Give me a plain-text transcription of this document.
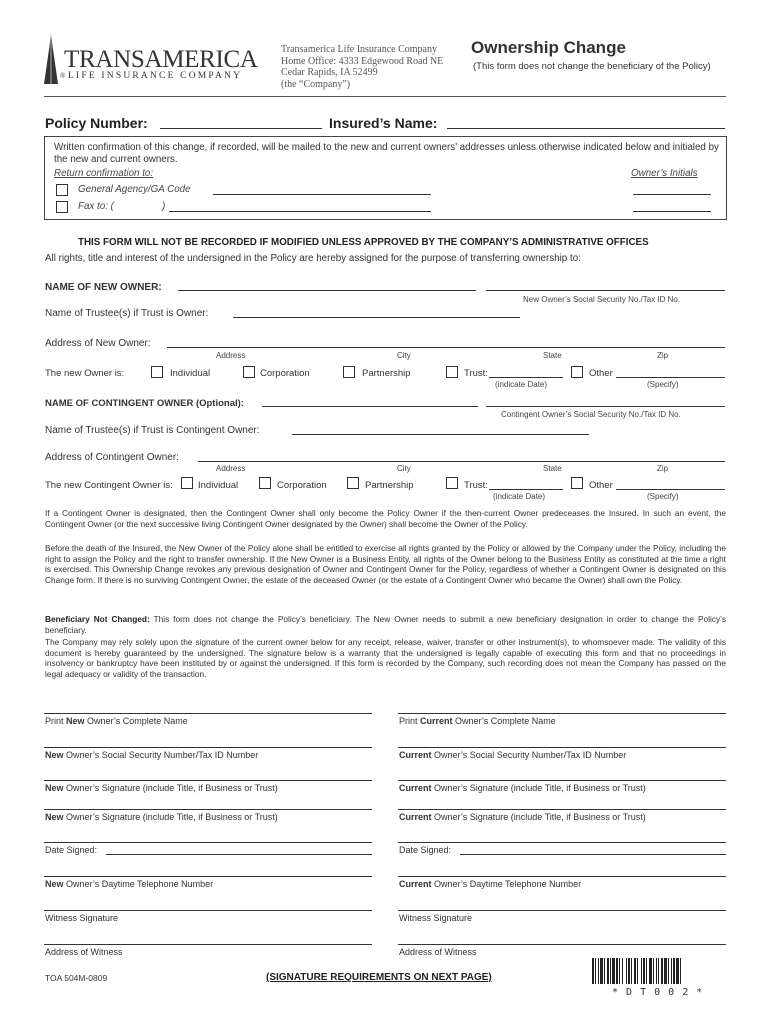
TRANSAMERICA
® LIFE INSURANCE COMPANY
Transamerica Life Insurance Company
Home Office: 4333 Edgewood Road NE
Cedar Rapids, IA 52499
(the “Company”)
Ownership Change
(This form does not change the beneficiary of the Policy)
Policy Number:	Insured’s Name:
Written confirmation of this change, if recorded, will be mailed to the new and current owners’ addresses unless otherwise indicated below and initialed by the new and current owners.
Return confirmation to:	Owner’s Initials
General Agency/GA Code
Fax to: (	)
THIS FORM WILL NOT BE RECORDED IF MODIFIED UNLESS APPROVED BY THE COMPANY’S ADMINISTRATIVE OFFICES
All rights, title and interest of the undersigned in the Policy are hereby assigned for the purpose of transferring ownership to:
NAME OF NEW OWNER:
New Owner’s Social Security No./Tax ID No.
Name of Trustee(s) if Trust is Owner:
Address of New Owner:
Address	City	State	Zip
The new Owner is:	Individual	Corporation	Partnership	Trust:	Other
(indicate Date)	(Specify)
NAME OF CONTINGENT OWNER (Optional):
Contingent Owner’s Social Security No./Tax ID No.
Name of Trustee(s) if Trust is Contingent Owner:
Address of Contingent Owner:
Address	City	State	Zip
The new Contingent Owner is:	Individual	Corporation	Partnership	Trust:	Other
(indicate Date)	(Specify)
If a Contingent Owner is designated, then the Contingent Owner shall only become the Policy Owner if the then-current Owner predeceases the Insured. In such an event, the Contingent Owner (or the next successive living Contingent Owner designated by the Owner) shall become the Owner of the Policy.
Before the death of the Insured, the New Owner of the Policy alone shall be entitled to exercise all rights granted by the Policy or allowed by the Company under the Policy, including the right to assign the Policy and the right to transfer ownership. If the New Owner is a Business Entity, all rights of the Owner belong to the Business Entity as constituted at the time a right is exercised. This Ownership Change revokes any previous designation of Owner and Contingent Owner for the Policy, regardless of whether a Contingent Owner is designated on this Change form. If there is no surviving Contingent Owner, the estate of the deceased Owner (or the estate of a Contingent Owner who became the Owner) shall own the Policy.
Beneficiary Not Changed: This form does not change the Policy’s beneficiary. The New Owner needs to submit a new beneficiary designation in order to change the Policy’s beneficiary.
The Company may rely solely upon the signature of the current owner below for any receipt, release, waiver, transfer or other instrument(s), to whomsoever made. The validity of this document is hereby guaranteed by the undersigned. The signature below is a warranty that the undersigned is legally capable of executing this form and that no proceedings in insolvency or bankruptcy have been instituted by or against the undersigned. If this form is recorded by the Company, such recording does not mean the Company has passed on the legal adequacy or validity of the transaction.
Print New Owner’s Complete Name
New Owner’s Social Security Number/Tax ID Number
New Owner’s Signature (include Title, if Business or Trust)
New Owner’s Signature (include Title, if Business or Trust)
Date Signed:
New Owner’s Daytime Telephone Number
Witness Signature
Address of Witness
Print Current Owner’s Complete Name
Current Owner’s Social Security Number/Tax ID Number
Current Owner’s Signature (include Title, if Business or Trust)
Current Owner’s Signature (include Title, if Business or Trust)
Date Signed:
Current Owner’s Daytime Telephone Number
Witness Signature
Address of Witness
TOA 504M-0809	(SIGNATURE REQUIREMENTS ON NEXT PAGE)
* D T 0 0 2 *
